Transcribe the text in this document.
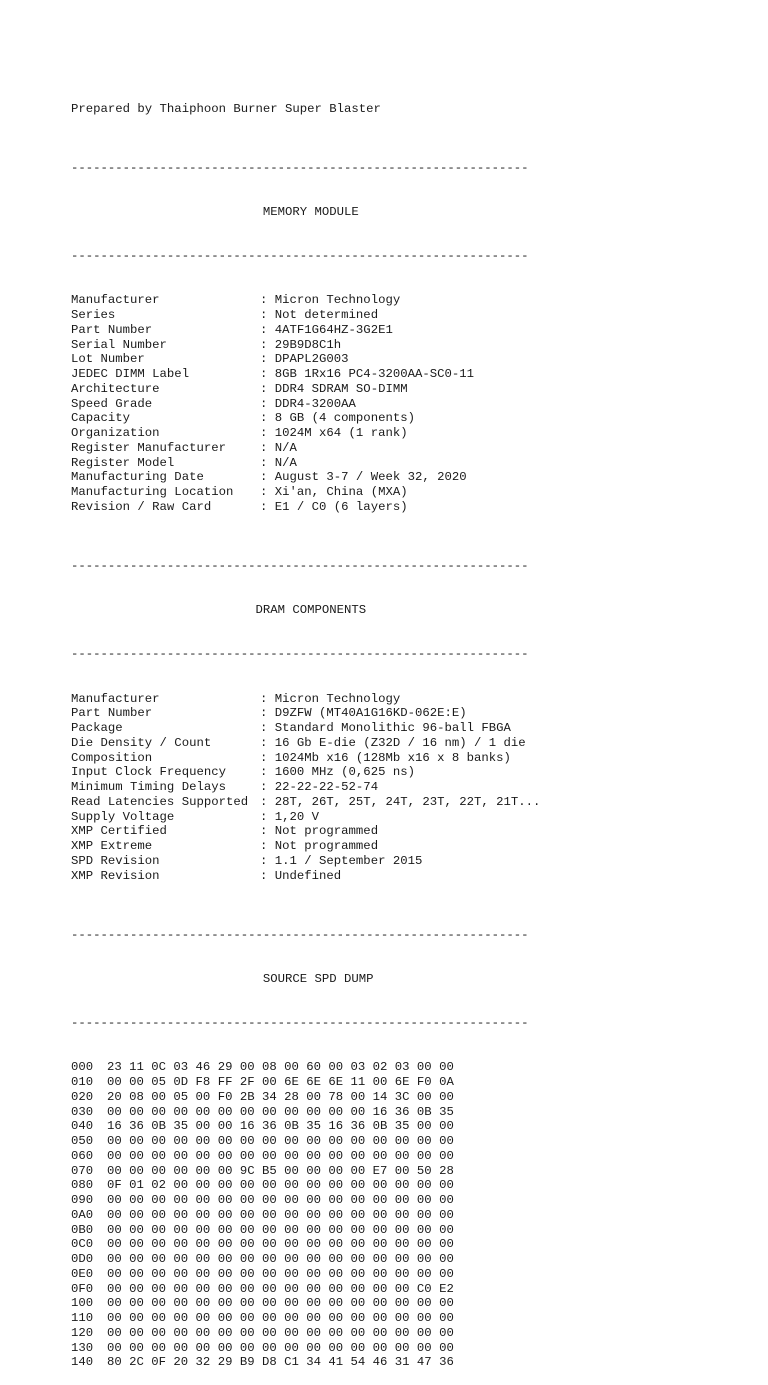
Prepared by Thaiphoon Burner Super Blaster

--------------------------------------------------------------

MEMORY MODULE

--------------------------------------------------------------

Manufacturer	: Micron Technology
Series	: Not determined
Part Number	: 4ATF1G64HZ-3G2E1
Serial Number	: 29B9D8C1h
Lot Number	: DPAPL2G003
JEDEC DIMM Label	: 8GB 1Rx16 PC4-3200AA-SC0-11
Architecture	: DDR4 SDRAM SO-DIMM
Speed Grade	: DDR4-3200AA
Capacity	: 8 GB (4 components)
Organization	: 1024M x64 (1 rank)
Register Manufacturer	: N/A
Register Model	: N/A
Manufacturing Date	: August 3-7 / Week 32, 2020
Manufacturing Location : Xi'an, China (MXA)
Revision / Raw Card	: E1 / C0 (6 layers)

--------------------------------------------------------------

DRAM COMPONENTS

--------------------------------------------------------------

Manufacturer	: Micron Technology
Part Number	: D9ZFW (MT40A1G16KD-062E:E)
Package	: Standard Monolithic 96-ball FBGA
Die Density / Count	: 16 Gb E-die (Z32D / 16 nm) / 1 die
Composition	: 1024Mb x16 (128Mb x16 x 8 banks)
Input Clock Frequency	: 1600 MHz (0,625 ns)
Minimum Timing Delays	: 22-22-22-52-74
Read Latencies Supported : 28T, 26T, 25T, 24T, 23T, 22T, 21T...
Supply Voltage	: 1,20 V
XMP Certified	: Not programmed
XMP Extreme	: Not programmed
SPD Revision	: 1.1 / September 2015
XMP Revision	: Undefined

--------------------------------------------------------------

SOURCE SPD DUMP

--------------------------------------------------------------

000 23 11 0C 03 46 29 00 08 00 60 00 03 02 03 00 00
010 00 00 05 0D F8 FF 2F 00 6E 6E 6E 11 00 6E F0 0A
020 20 08 00 05 00 F0 2B 34 28 00 78 00 14 3C 00 00
030 00 00 00 00 00 00 00 00 00 00 00 00 16 36 0B 35
040 16 36 0B 35 00 00 16 36 0B 35 16 36 0B 35 00 00
050 00 00 00 00 00 00 00 00 00 00 00 00 00 00 00 00
060 00 00 00 00 00 00 00 00 00 00 00 00 00 00 00 00
070 00 00 00 00 00 00 9C B5 00 00 00 00 E7 00 50 28
080 0F 01 02 00 00 00 00 00 00 00 00 00 00 00 00 00
090 00 00 00 00 00 00 00 00 00 00 00 00 00 00 00 00
0A0 00 00 00 00 00 00 00 00 00 00 00 00 00 00 00 00
0B0 00 00 00 00 00 00 00 00 00 00 00 00 00 00 00 00
0C0 00 00 00 00 00 00 00 00 00 00 00 00 00 00 00 00
0D0 00 00 00 00 00 00 00 00 00 00 00 00 00 00 00 00
0E0 00 00 00 00 00 00 00 00 00 00 00 00 00 00 00 00
0F0 00 00 00 00 00 00 00 00 00 00 00 00 00 00 C0 E2
100 00 00 00 00 00 00 00 00 00 00 00 00 00 00 00 00
110 00 00 00 00 00 00 00 00 00 00 00 00 00 00 00 00
120 00 00 00 00 00 00 00 00 00 00 00 00 00 00 00 00
130 00 00 00 00 00 00 00 00 00 00 00 00 00 00 00 00
140 80 2C 0F 20 32 29 B9 D8 C1 34 41 54 46 31 47 36
